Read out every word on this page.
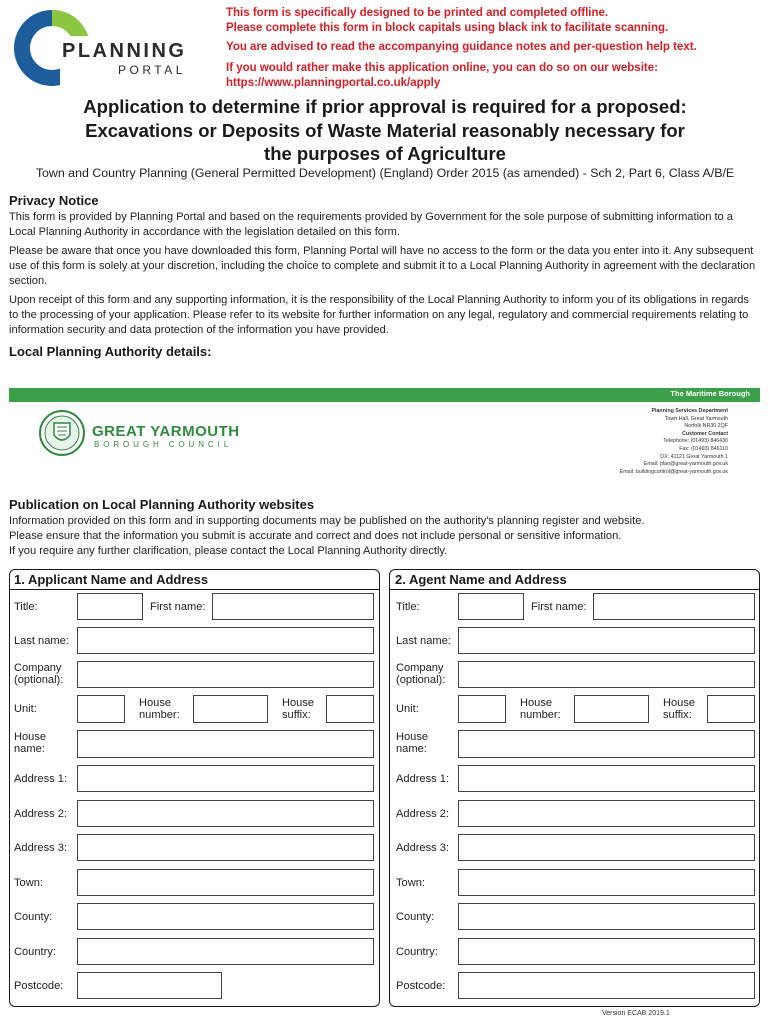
PLANNING
PORTAL
This form is specifically designed to be printed and completed offline.
Please complete this form in block capitals using black ink to facilitate scanning.
You are advised to read the accompanying guidance notes and per-question help text.
If you would rather make this application online, you can do so on our website:
https://www.planningportal.co.uk/apply
Application to determine if prior approval is required for a proposed:
Excavations or Deposits of Waste Material reasonably necessary for
the purposes of Agriculture
Town and Country Planning (General Permitted Development) (England) Order 2015 (as amended) - Sch 2, Part 6, Class A/B/E
Privacy Notice
This form is provided by Planning Portal and based on the requirements provided by Government for the sole purpose of submitting information to a Local Planning Authority in accordance with the legislation detailed on this form.
Please be aware that once you have downloaded this form, Planning Portal will have no access to the form or the data you enter into it. Any subsequent use of this form is solely at your discretion, including the choice to complete and submit it to a Local Planning Authority in agreement with the declaration section.
Upon receipt of this form and any supporting information, it is the responsibility of the Local Planning Authority to inform you of its obligations in regards to the processing of your application. Please refer to its website for further information on any legal, regulatory and commercial requirements relating to information security and data protection of the information you have provided.
Local Planning Authority details:
The Maritime Borough
GREAT YARMOUTH
BOROUGH COUNCIL
Planning Services Department
Town Hall, Great Yarmouth
Norfolk NR30 2QF
Customer Contact
Telephone: (01493) 846430
Fax: (01493) 846110
DX: 41121 Great Yarmouth 1
Email: plan@great-yarmouth.gov.uk
Email: buildingcontrol@great-yarmouth.gov.uk
Publication on Local Planning Authority websites
Information provided on this form and in supporting documents may be published on the authority's planning register and website.
Please ensure that the information you submit is accurate and correct and does not include personal or sensitive information.
If you require any further clarification, please contact the Local Planning Authority directly.
1. Applicant Name and Address
Title:	First name:
Last name:
Company
(optional):
Unit:	House
number:
House
suffix:
House
name:
Address 1:
Address 2:
Address 3:
Town:
County:
Country:
Postcode:
2. Agent Name and Address
Title:	First name:
Last name:
Company
(optional):
Unit:	House
number:
House
suffix:
House
name:
Address 1:
Address 2:
Address 3:
Town:
County:
Country:
Postcode:
Version ECAB 2019.1
